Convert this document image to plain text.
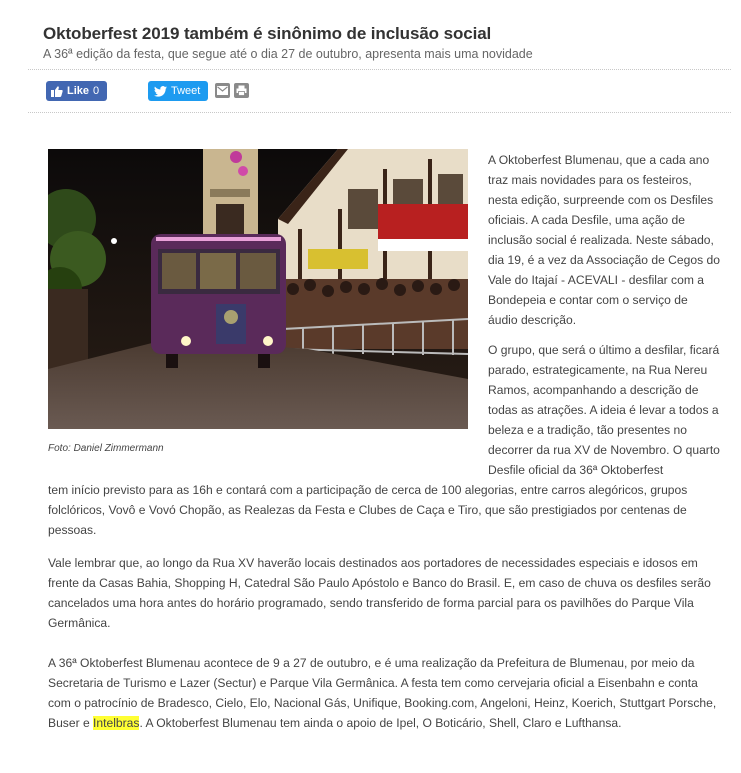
Oktoberfest 2019 também é sinônimo de inclusão social
A 36ª edição da festa, que segue até o dia 27 de outubro, apresenta mais uma novidade
Like 0	Tweet
Foto: Daniel Zimmermann

A Oktoberfest Blumenau, que a cada ano traz mais novidades para os festeiros, nesta edição, surpreende com os Desfiles oficiais. A cada Desfile, uma ação de inclusão social é realizada. Neste sábado, dia 19, é a vez da Associação de Cegos do Vale do Itajaí - ACEVALI - desfilar com a Bondepeia e contar com o serviço de áudio descrição.

O grupo, que será o último a desfilar, ficará parado, estrategicamente, na Rua Nereu Ramos, acompanhando a descrição de todas as atrações. A ideia é levar a todos a beleza e a tradição, tão presentes no decorrer da rua XV de Novembro. O quarto Desfile oficial da 36ª Oktoberfest

tem início previsto para as 16h e contará com a participação de cerca de 100 alegorias, entre carros alegóricos, grupos folclóricos, Vovô e Vovó Chopão, as Realezas da Festa e Clubes de Caça e Tiro, que são prestigiados por centenas de pessoas.

Vale lembrar que, ao longo da Rua XV haverão locais destinados aos portadores de necessidades especiais e idosos em frente da Casas Bahia, Shopping H, Catedral São Paulo Apóstolo e Banco do Brasil. E, em caso de chuva os desfiles serão cancelados uma hora antes do horário programado, sendo transferido de forma parcial para os pavilhões do Parque Vila Germânica.

A 36ª Oktoberfest Blumenau acontece de 9 a 27 de outubro, e é uma realização da Prefeitura de Blumenau, por meio da Secretaria de Turismo e Lazer (Sectur) e Parque Vila Germânica. A festa tem como cervejaria oficial a Eisenbahn e conta com o patrocínio de Bradesco, Cielo, Elo, Nacional Gás, Unifique, Booking.com, Angeloni, Heinz, Koerich, Stuttgart Porsche, Buser e Intelbras. A Oktoberfest Blumenau tem ainda o apoio de Ipel, O Boticário, Shell, Claro e Lufthansa.
